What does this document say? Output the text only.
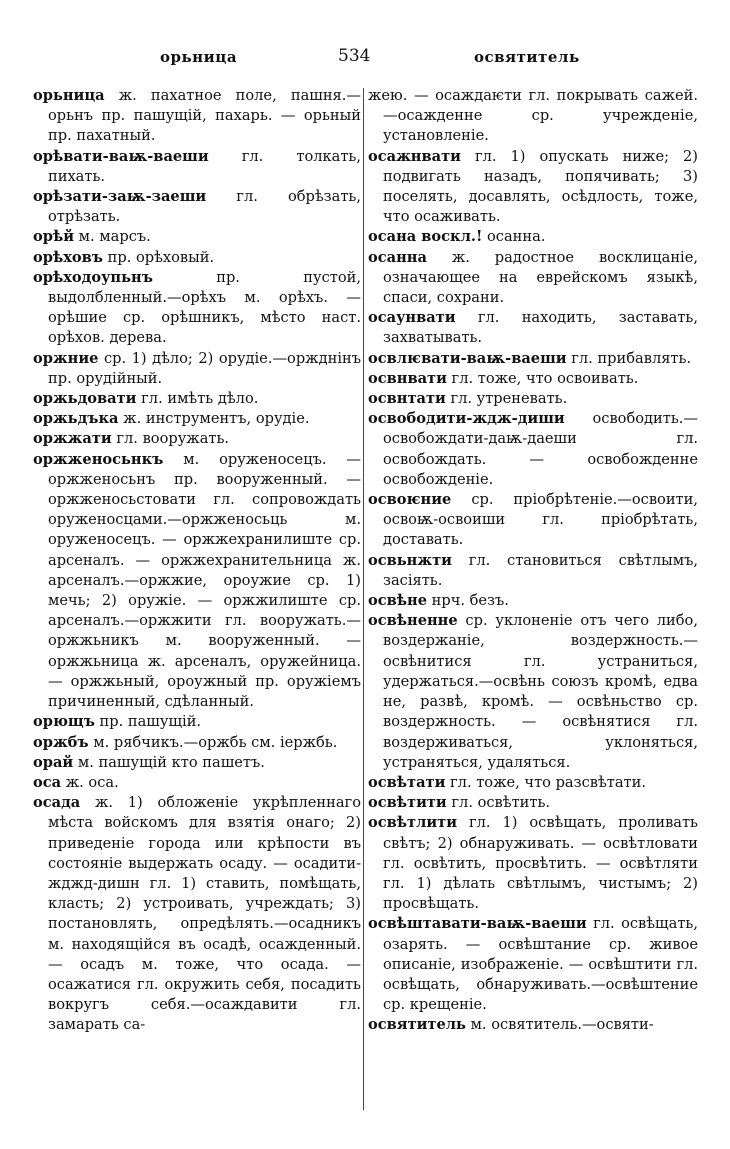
орьница	534	освятитель

орьница ж. пахатное поле, пашня.— орьнъ пр. пашущій, пахарь. — орьный пр. пахатный.

орѣвати-ваѭ-ваеши гл. толкать, пихать.

орѣзати-заѭ-заеши гл. обрѣзать, отрѣзать.

орѣй м. марсъ.

орѣховъ пр. орѣховый.

орѣходоупьнъ пр. пустой, выдолбленный.—орѣхъ м. орѣхъ. — орѣшие ср. орѣшникъ, мѣсто наст. орѣхов. дерева.

оржние ср. 1) дѣло; 2) орудіе.—оржднінъ пр. орудійный.

оржьдовати гл. имѣть дѣло.

оржьдъка ж. инструментъ, орудіе.

оржжати гл. вооружать.

оржженосьнкъ м. оруженосецъ. — оржженосьнъ пр. вооруженный. — оржженосьстовати гл. сопровождать оруженосцами.—оржженосьць м. оруженосецъ. — оржжехранилиште ср. арсеналъ. — оржжехранительница ж. арсеналъ.—оржжие, ороужие ср. 1) мечь; 2) оружіе. — оржжилиште ср. арсеналъ.—оржжити гл. вооружать.—оржжьникъ м. вооруженный. — оржжьница ж. арсеналъ, оружейница. — оржжьный, ороужный пр. оружіемъ причиненный, сдѣланный.

орющъ пр. пашущій.

оржбъ м. рябчикъ.—оржбь см. іержбь.

орай м. пашущій кто пашетъ.

оса ж. оса.

осада ж. 1) обложеніе укрѣпленнаго мѣста войскомъ для взятія онаго; 2) приведеніе города или крѣпости въ состояніе выдержать осаду. — осадити-жджд-дишн гл. 1) ставить, помѣщать, класть; 2) устроивать, учреждать; 3) постановлять, опредѣлять.—осадникъ м. находящійся въ осадѣ, осажденный. — осадъ м. тоже, что осада. — осажатися гл. окружить себя, посадить вокругъ себя.—осаждавити гл. замарать са-

жею. — осаждаѥти гл. покрывать сажей.—осажденне ср. учрежденіе, установленіе.

осажнвати гл. 1) опускать ниже; 2) подвигать назадъ, попячивать; 3) поселять, досавлять, осѣдлость, тоже, что осаживать.

осана воскл.! осанна.

осанна ж. радостное восклицаніе, означающее на еврейскомъ языкѣ, спаси, сохрани.

осаунвати гл. находить, заставать, захватывать.

освлѥвати-ваѭ-ваеши гл. прибавлять.

освнвати гл. тоже, что освоивать.

освнтати гл. утреневать.

освободити-ждж-диши освободить.— освобождати-даѭ-даеши гл. освобождать. — освобожденне освобожденіе.

освоѥние ср. пріобрѣтеніе.—освоити, освоѭ-освоиши гл. пріобрѣтать, доставать.

освьнжти гл. становиться свѣтлымъ, засіять.

освѣне нрч. безъ.

освѣненне ср. уклоненіе отъ чего либо, воздержаніе, воздержность.— освѣнитися гл. устраниться, удержаться.—освѣнь союзъ кромѣ, едва не, развѣ, кромѣ. — освѣньство ср. воздержность. — освѣнятися гл. воздерживаться, уклоняться, устраняться, удаляться.

освѣтати гл. тоже, что разсвѣтати.

освѣтити гл. освѣтить.

освѣтлити гл. 1) освѣщать, проливать свѣтъ; 2) обнаруживать. — освѣтловати гл. освѣтить, просвѣтить. — освѣтляти гл. 1) дѣлать свѣтлымъ, чистымъ; 2) просвѣщать.

освѣштавати-ваѭ-ваеши гл. освѣщать, озарять. — освѣштание ср. живое описаніе, изображеніе. — освѣштити гл. освѣщать, обнаруживать.—освѣштение ср. крещеніе.

освятитель м. освятитель.—освяти-
